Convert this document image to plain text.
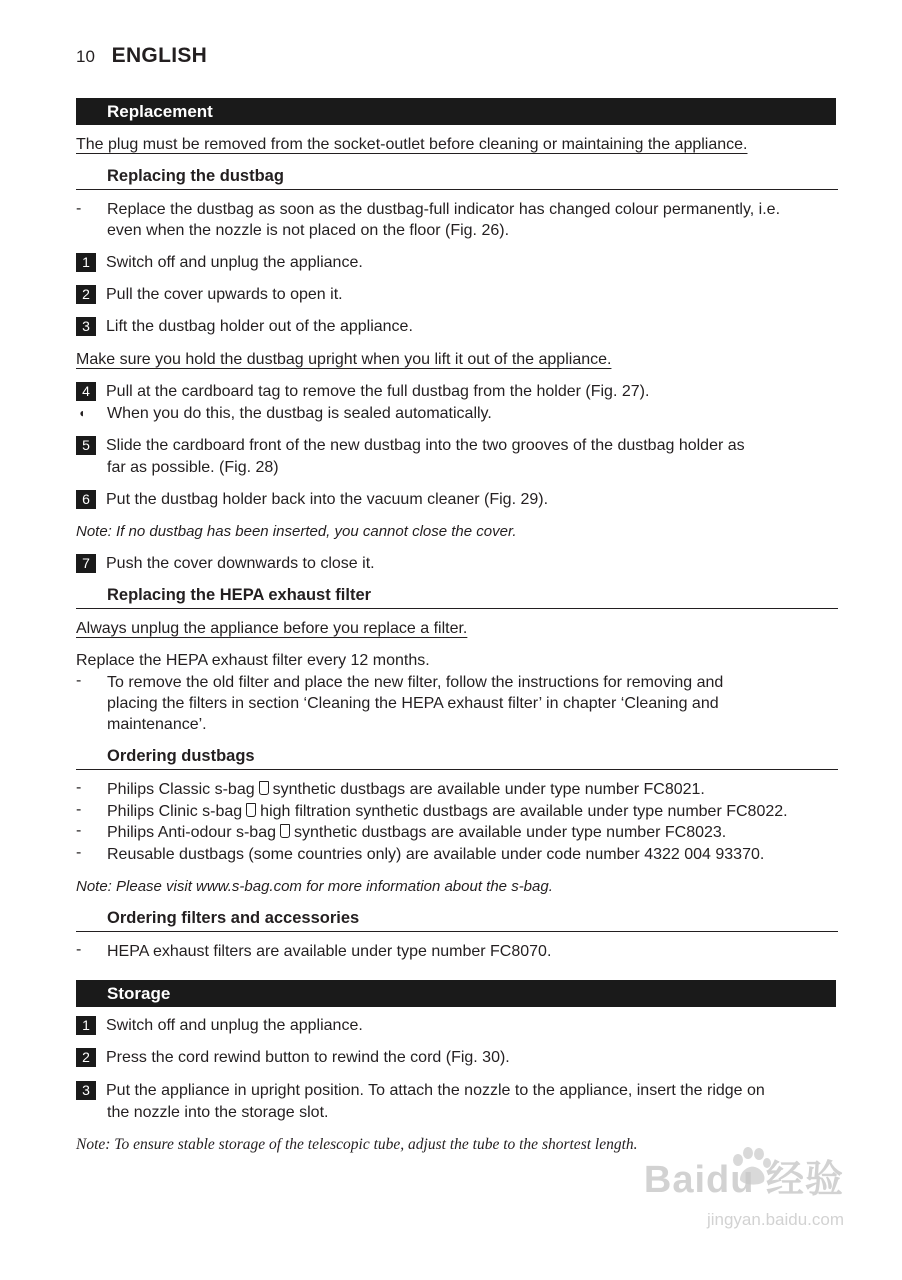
10 ENGLISH
Replacement
The plug must be removed from the socket-outlet before cleaning or maintaining the appliance.
Replacing the dustbag
- Replace the dustbag as soon as the dustbag-full indicator has changed colour permanently, i.e.
even when the nozzle is not placed on the floor (Fig. 26).
1	Switch off and unplug the appliance.
2	Pull the cover upwards to open it.
3	Lift the dustbag holder out of the appliance.
Make sure you hold the dustbag upright when you lift it out of the appliance.
4	Pull at the cardboard tag to remove the full dustbag from the holder (Fig. 27).
◖ When you do this, the dustbag is sealed automatically.
5	Slide the cardboard front of the new dustbag into the two grooves of the dustbag holder as
far as possible. (Fig. 28)
6	Put the dustbag holder back into the vacuum cleaner (Fig. 29).
Note: If no dustbag has been inserted, you cannot close the cover.
7	Push the cover downwards to close it.
Replacing the HEPA exhaust filter
Always unplug the appliance before you replace a filter.
Replace the HEPA exhaust filter every 12 months.
- To remove the old filter and place the new filter, follow the instructions for removing and
placing the filters in section ‘Cleaning the HEPA exhaust filter’ in chapter ‘Cleaning and
maintenance’.
Ordering dustbags
- Philips Classic s-bag synthetic dustbags are available under type number FC8021.
- Philips Clinic s-bag high filtration synthetic dustbags are available under type number FC8022.
- Philips Anti-odour s-bag synthetic dustbags are available under type number FC8023.
- Reusable dustbags (some countries only) are available under code number 4322 004 93370.
Note: Please visit www.s-bag.com for more information about the s-bag.
Ordering filters and accessories
- HEPA exhaust filters are available under type number FC8070.
Storage
1	Switch off and unplug the appliance.
2	Press the cord rewind button to rewind the cord (Fig. 30).
3	Put the appliance in upright position. To attach the nozzle to the appliance, insert the ridge on
the nozzle into the storage slot.
Note: To ensure stable storage of the telescopic tube, adjust the tube to the shortest length.
Baidu 经验
jingyan.baidu.com
